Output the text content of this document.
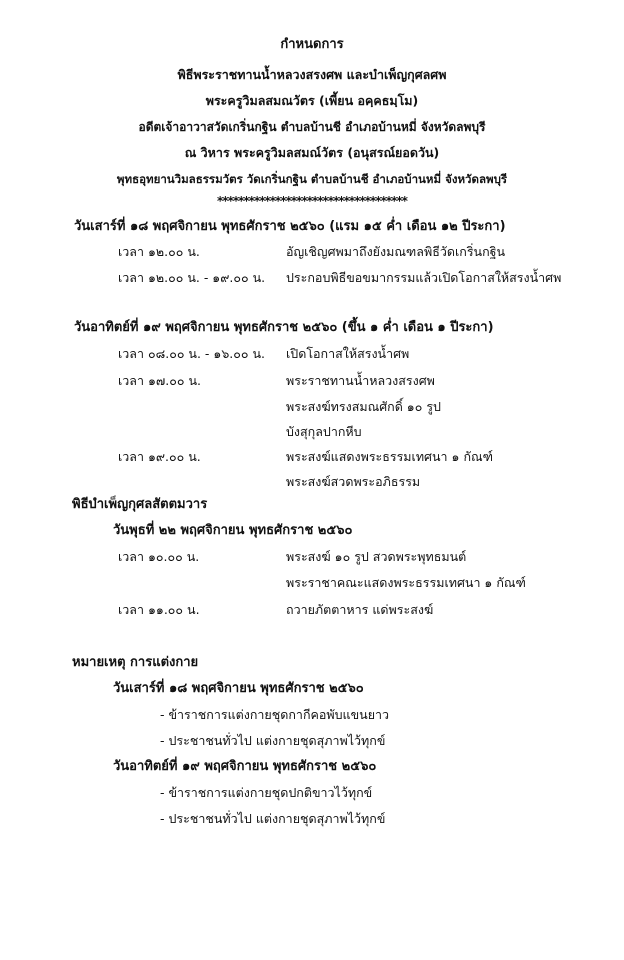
กำหนดการ
พิธีพระราชทานน้ำหลวงสรงศพ และบำเพ็ญกุศลศพ
พระครูวิมลสมณวัตร (เพี้ยน อคฺคธมฺโม)
อดีตเจ้าอาวาสวัดเกริ่นกฐิน ตำบลบ้านชี อำเภอบ้านหมี่ จังหวัดลพบุรี
ณ วิหาร พระครูวิมลสมณ์วัตร (อนุสรณ์ยอดวัน)
พุทธอุทยานวิมลธรรมวัตร วัดเกริ่นกฐิน ตำบลบ้านชี อำเภอบ้านหมี่ จังหวัดลพบุรี
************************************
วันเสาร์ที่ ๑๘ พฤศจิกายน พุทธศักราช ๒๕๖๐ (แรม ๑๕ ค่ำ เดือน ๑๒ ปีระกา)
เวลา ๑๒.๐๐ น.	อัญเชิญศพมาถึงยังมณฑลพิธีวัดเกริ่นกฐิน
เวลา ๑๒.๐๐ น. - ๑๙.๐๐ น. ประกอบพิธีขอขมากรรมแล้วเปิดโอกาสให้สรงน้ำศพ
วันอาทิตย์ที่ ๑๙ พฤศจิกายน พุทธศักราช ๒๕๖๐ (ขึ้น ๑ ค่ำ เดือน ๑ ปีระกา)
เวลา ๐๘.๐๐ น. - ๑๖.๐๐ น. เปิดโอกาสให้สรงน้ำศพ
เวลา ๑๗.๐๐ น.	พระราชทานน้ำหลวงสรงศพ
พระสงฆ์ทรงสมณศักดิ์ ๑๐ รูป
บังสุกุลปากหีบ
เวลา ๑๙.๐๐ น.	พระสงฆ์แสดงพระธรรมเทศนา ๑ กัณฑ์
พระสงฆ์สวดพระอภิธรรม
พิธีบำเพ็ญกุศลสัตตมวาร
วันพุธที่ ๒๒ พฤศจิกายน พุทธศักราช ๒๕๖๐
เวลา ๑๐.๐๐ น.	พระสงฆ์ ๑๐ รูป สวดพระพุทธมนต์
พระราชาคณะแสดงพระธรรมเทศนา ๑ กัณฑ์
เวลา ๑๑.๐๐ น.	ถวายภัตตาหาร แด่พระสงฆ์
หมายเหตุ การแต่งกาย
วันเสาร์ที่ ๑๘ พฤศจิกายน พุทธศักราช ๒๕๖๐
- ข้าราชการแต่งกายชุดกากีคอพับแขนยาว
- ประชาชนทั่วไป แต่งกายชุดสุภาพไว้ทุกข์
วันอาทิตย์ที่ ๑๙ พฤศจิกายน พุทธศักราช ๒๕๖๐
- ข้าราชการแต่งกายชุดปกติขาวไว้ทุกข์
- ประชาชนทั่วไป แต่งกายชุดสุภาพไว้ทุกข์
